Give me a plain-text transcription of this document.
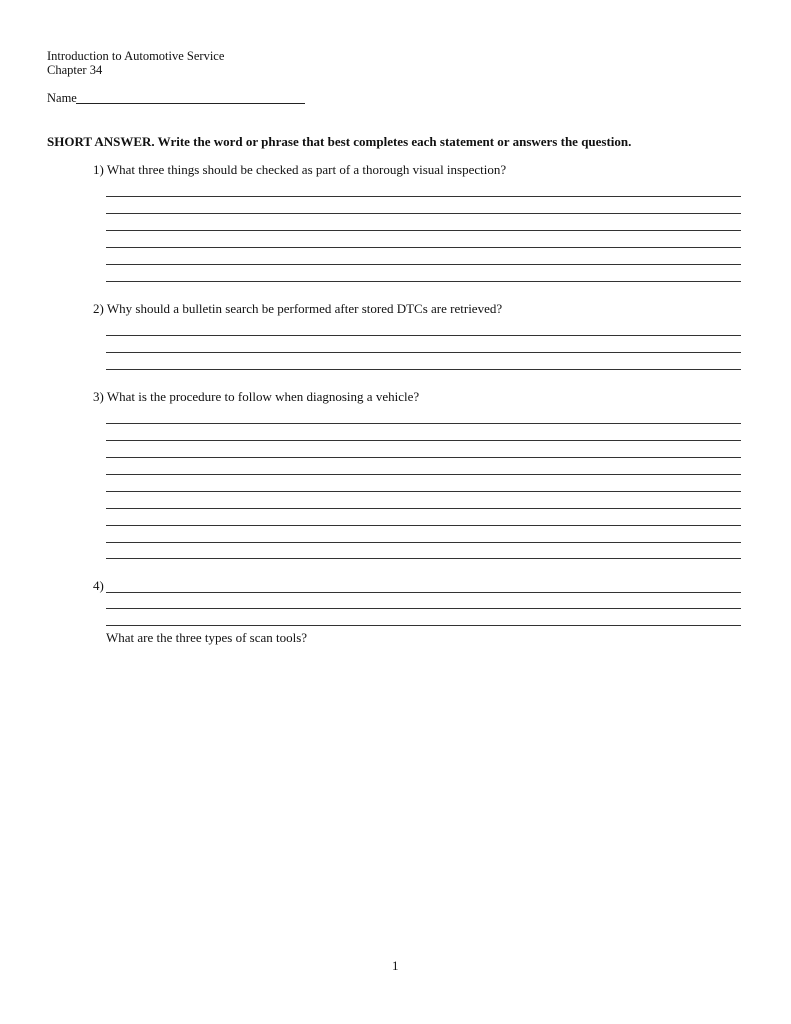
Introduction to Automotive Service
Chapter 34
Name
SHORT ANSWER. Write the word or phrase that best completes each statement or answers the question.
1) What three things should be checked as part of a thorough visual inspection?
2) Why should a bulletin search be performed after stored DTCs are retrieved?
3) What is the procedure to follow when diagnosing a vehicle?
4)
What are the three types of scan tools?
1
